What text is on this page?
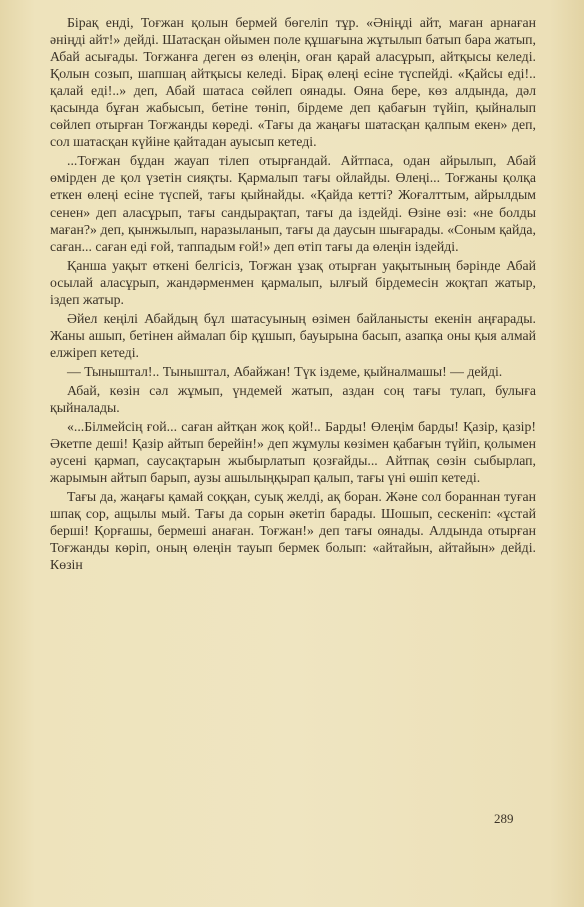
Бірақ енді, Тоғжан қолын бермей бөгеліп тұр. «Әніңді айт, маған арнаған әніңді айт!» дейді. Шатасқан ойымен поле құшағына жұтылып батып бара жатып, Абай асығады. Тоғжанға деген өз өлеңін, оған қарай аласұрып, айтқысы келеді. Қолын созып, шапшаң айтқысы келеді. Бірақ өлеңі есіне түспейді. «Қайсы еді!.. қалай еді!..» деп, Абай шатаса сөйлеп оянады. Ояна бере, көз алдында, дәл қасында бұған жабысып, бетіне төніп, бірдеме деп қабағын түйіп, қыйналып сөйлеп отырған Тоғжанды көреді. «Тағы да жаңағы шатасқан қалпым екен» деп, сол шатасқан күйіне қайтадан ауысып кетеді.

...Тоғжан бұдан жауап тілеп отырғандай. Айтпаса, одан айрылып, Абай өмірден де қол үзетін сияқты. Қармалып тағы ойлайды. Өлеңі... Тоғжаны қолқа еткен өлеңі есіне түспей, тағы қыйнайды. «Қайда кетті? Жоғалттым, айрылдым сенен» деп аласұрып, тағы сандырақтап, тағы да іздейді. Өзіне өзі: «не болды маған?» деп, қынжылып, наразыланып, тағы да даусын шығарады. «Соным қайда, саған... саған еді ғой, таппадым ғой!» деп өтіп тағы да өлеңін іздейді.

Қанша уақыт өткені белгісіз, Тоғжан ұзақ отырған уақытының бәрінде Абай осылай аласұрып, жандәрменмен қармалып, ылғый бірдемесін жоқтап жатыр, іздеп жатыр.

Әйел кеңілі Абайдың бұл шатасуының өзімен байланысты екенін аңғарады. Жаны ашып, бетінен аймалап бір құшып, бауырына басып, азапқа оны қыя алмай елжіреп кетеді.

— Тыныштал!.. Тыныштал, Абайжан! Түк іздеме, қыйналмашы! — дейді.

Абай, көзін сәл жұмып, үндемей жатып, аздан соң тағы тулап, булыға қыйналады.

«...Білмейсің ғой... саған айтқан жоқ қой!.. Барды! Өлеңім барды! Қазір, қазір! Әкетпе деші! Қазір айтып берейін!» деп жұмулы көзімен қабағын түйіп, қолымен әусені қармап, саусақтарын жыбырлатып қозғайды... Айтпақ сөзін сыбырлап, жарымын айтып барып, аузы ашылыңқырап қалып, тағы үні өшіп кетеді.

Тағы да, жаңағы қамай соққан, суық желді, ақ боран. Және сол бораннан туған шпақ сор, ащылы мый. Тағы да сорын әкетіп барады. Шошып, сескеніп: «ұстай берші! Қорғашы, бермеші анаған. Тоғжан!» деп тағы оянады. Алдында отырған Тоғжанды көріп, оның өлеңін тауып бермек болып: «айтайын, айтайын» дейді. Көзін

289
